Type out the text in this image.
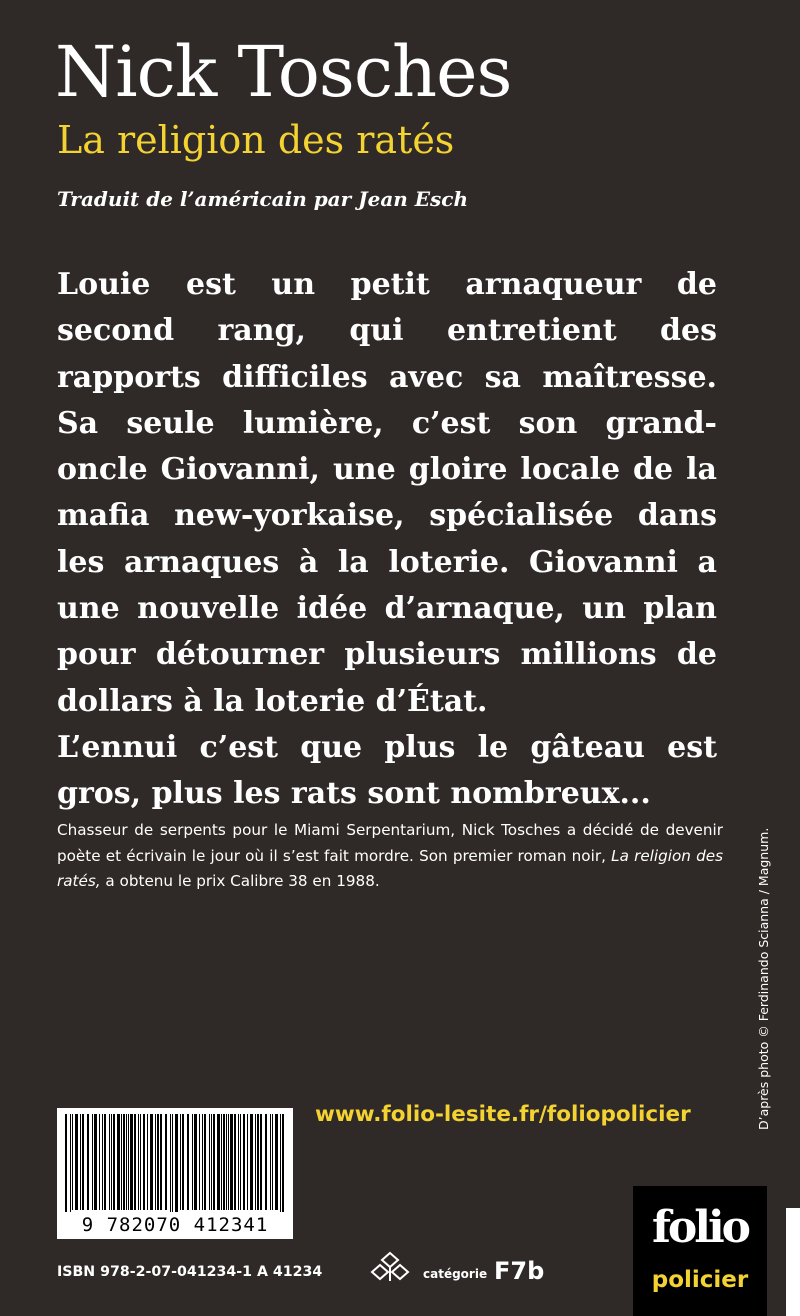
Nick Tosches
La religion des ratés
Traduit de l’américain par Jean Esch

Louie est un petit arnaqueur de second rang, qui entretient des rapports difficiles avec sa maîtresse. Sa seule lumière, c’est son grand-oncle Giovanni, une gloire locale de la mafia new-yorkaise, spécialisée dans les arnaques à la loterie. Giovanni a une nouvelle idée d’arnaque, un plan pour détourner plusieurs millions de dollars à la loterie d’État.

L’ennui c’est que plus le gâteau est gros, plus les rats sont nombreux...

Chasseur de serpents pour le Miami Serpentarium, Nick Tosches a décidé de devenir poète et écrivain le jour où il s’est fait mordre. Son premier roman noir, La religion des ratés, a obtenu le prix Calibre 38 en 1988.	D’après photo © Ferdinando Scianna / Magnum.
9 782070 412341
www.folio-lesite.fr/foliopolicier
ISBN 978-2-07-041234-1 A 41234	catégorie F7b
folio
policier
